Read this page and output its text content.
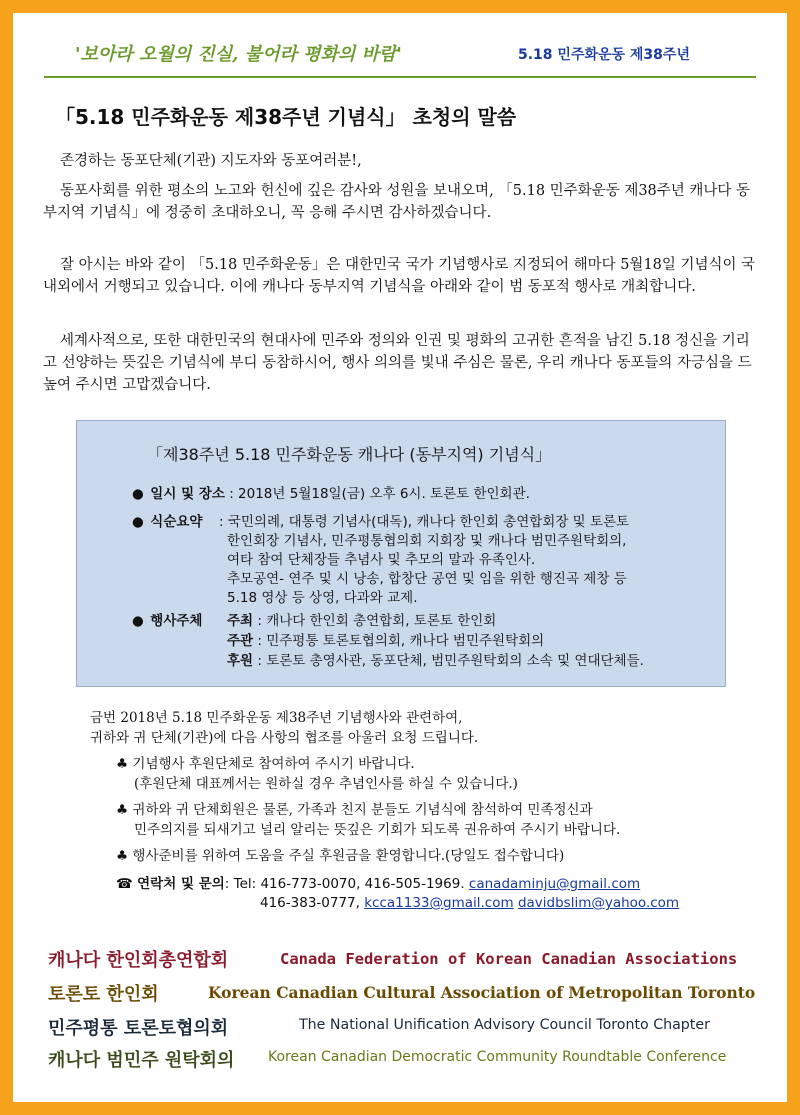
'보아라 오월의 진실, 불어라 평화의 바람'	5.18 민주화운동 제38주년
「5.18 민주화운동 제38주년 기념식」 초청의 말씀
존경하는 동포단체(기관) 지도자와 동포여러분!,
동포사회를 위한 평소의 노고와 헌신에 깊은 감사와 성원을 보내오며, 「5.18 민주화운동 제38주년 캐나다 동부지역 기념식」에 정중히 초대하오니, 꼭 응해 주시면 감사하겠습니다.
잘 아시는 바와 같이 「5.18 민주화운동」은 대한민국 국가 기념행사로 지정되어 해마다 5월18일 기념식이 국내외에서 거행되고 있습니다. 이에 캐나다 동부지역 기념식을 아래와 같이 범 동포적 행사로 개최합니다.
세계사적으로, 또한 대한민국의 현대사에 민주와 정의와 인권 및 평화의 고귀한 흔적을 남긴 5.18 정신을 기리고 선양하는 뜻깊은 기념식에 부디 동참하시어, 행사 의의를 빛내 주심은 물론, 우리 캐나다 동포들의 자긍심을 드높여 주시면 고맙겠습니다.
「제38주년 5.18 민주화운동 캐나다 (동부지역) 기념식」
● 일시 및 장소 : 2018년 5월18일(금) 오후 6시. 토론토 한인회관.
● 식순요약 : 국민의례, 대통령 기념사(대독), 캐나다 한인회 총연합회장 및 토론토
한인회장 기념사, 민주평통협의회 지회장 및 캐나다 범민주원탁회의,
여타 참여 단체장들 추념사 및 추모의 말과 유족인사.
추모공연- 연주 및 시 낭송, 합창단 공연 및 임을 위한 행진곡 제창 등
5.18 영상 등 상영, 다과와 교제.
● 행사주체 주최 : 캐나다 한인회 총연합회, 토론토 한인회
주관 : 민주평통 토론토협의회, 캐나다 범민주원탁회의
후원 : 토론토 총영사관, 동포단체, 범민주원탁회의 소속 및 연대단체들.
금번 2018년 5.18 민주화운동 제38주년 기념행사와 관련하여,
귀하와 귀 단체(기관)에 다음 사항의 협조를 아울러 요청 드립니다.
♣ 기념행사 후원단체로 참여하여 주시기 바랍니다.
(후원단체 대표께서는 원하실 경우 추념인사를 하실 수 있습니다.)
♣ 귀하와 귀 단체회원은 물론, 가족과 친지 분들도 기념식에 참석하여 민족정신과
민주의지를 되새기고 널리 알리는 뜻깊은 기회가 되도록 권유하여 주시기 바랍니다.
♣ 행사준비를 위하여 도움을 주실 후원금을 환영합니다.(당일도 접수합니다)
☎ 연락처 및 문의: Tel: 416-773-0070, 416-505-1969. canadaminju@gmail.com
416-383-0777, kcca1133@gmail.com davidbslim@yahoo.com
캐나다 한인회총연합회	Canada Federation of Korean Canadian Associations
토론토 한인회	Korean Canadian Cultural Association of Metropolitan Toronto
민주평통 토론토협의회	The National Unification Advisory Council Toronto Chapter
캐나다 범민주 원탁회의 Korean Canadian Democratic Community Roundtable Conference
